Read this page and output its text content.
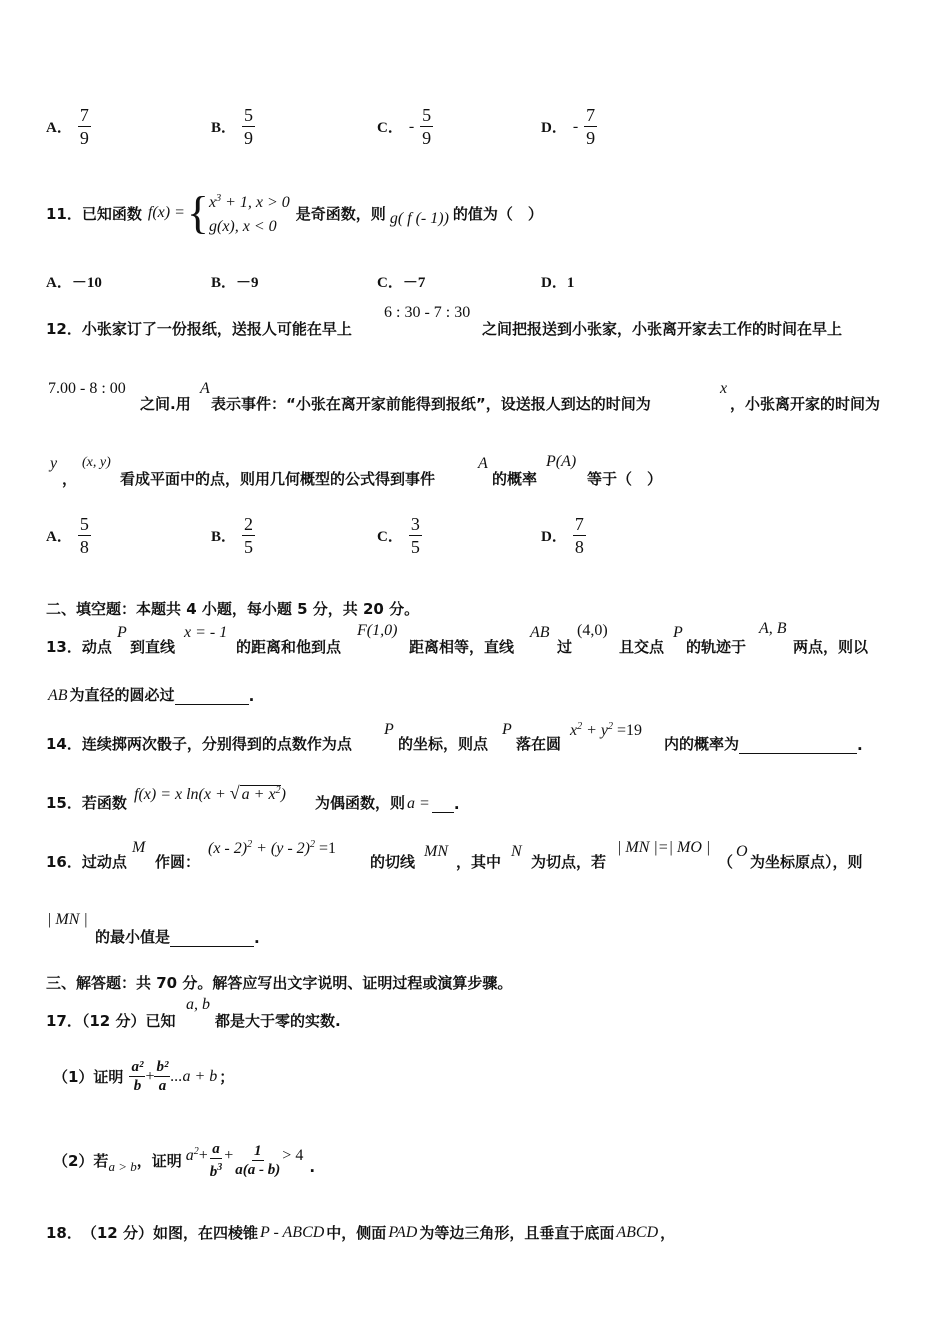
A． $\frac{7}{9}$	B． $\frac{5}{9}$	C． - $\frac{5}{9}$	D． - $\frac{7}{9}$
11． 已知函数 f(x) = { $x^3 + 1$, x > 0
g(x), x < 0
是奇函数，则 g( f (- 1)) 的值为（　）
A．－10	B．－9	C．－7	D．1
12．小张家订了一份报纸，送报人可能在早上
6 : 30 - 7 : 30
之间把报送到小张家，小张离开家去工作的时间在早上
7.00 - 8 : 00
之间.用
A
表示事件：“小张在离开家前能得到报纸”，设送报人到达的时间为
x
，小张离开家的时间为
y
，
(x, y)
看成平面中的点，则用几何概型的公式得到事件
A
的概率
P(A)
等于（　）
A． $\frac{5}{8}$	B． $\frac{2}{5}$	C． $\frac{3}{5}$	D． $\frac{7}{8}$
二、填空题：本题共 4 小题，每小题 5 分，共 20 分。
13．动点
P
到直线
x = - 1
的距离和他到点
F(1,0)
距离相等，直线
AB
过
(4,0)
且交点
P
的轨迹于
A, B
两点，则以
AB 为直径的圆必过	.
14．连续掷两次骰子，分别得到的点数作为点
P
的坐标，则点
P
落在圆
$x^2 + y^2 =19$
内的概率为	.
15．若函数 f(x) = x ln(x + √ $a + x^2$) 为偶函数，则 a = .
16．过动点
M
作圆：
(x - 2)$^2$ + (y - 2)$^2$ =1
的切线
MN
，其中
N
为切点，若
| MN |=| MO |
（
O
为坐标原点），则
| MN |
的最小值是	.
三、解答题：共 70 分。解答应写出文字说明、证明过程或演算步骤。
17．（12 分）已知
a, b
都是大于零的实数.
（1）证明 $\frac{\text{a²}}{b} + \frac{\text{b²}}{a} ...a + b$ ；
（2）若 a > b ，证明 $a^2 + \frac{a}{b^3} + \frac{1}{a(a - b)} > 4$
.
18． （12 分） 如图，在四棱锥 P - ABCD 中，侧面 PAD 为等边三角形，且垂直于底面 ABCD ，
